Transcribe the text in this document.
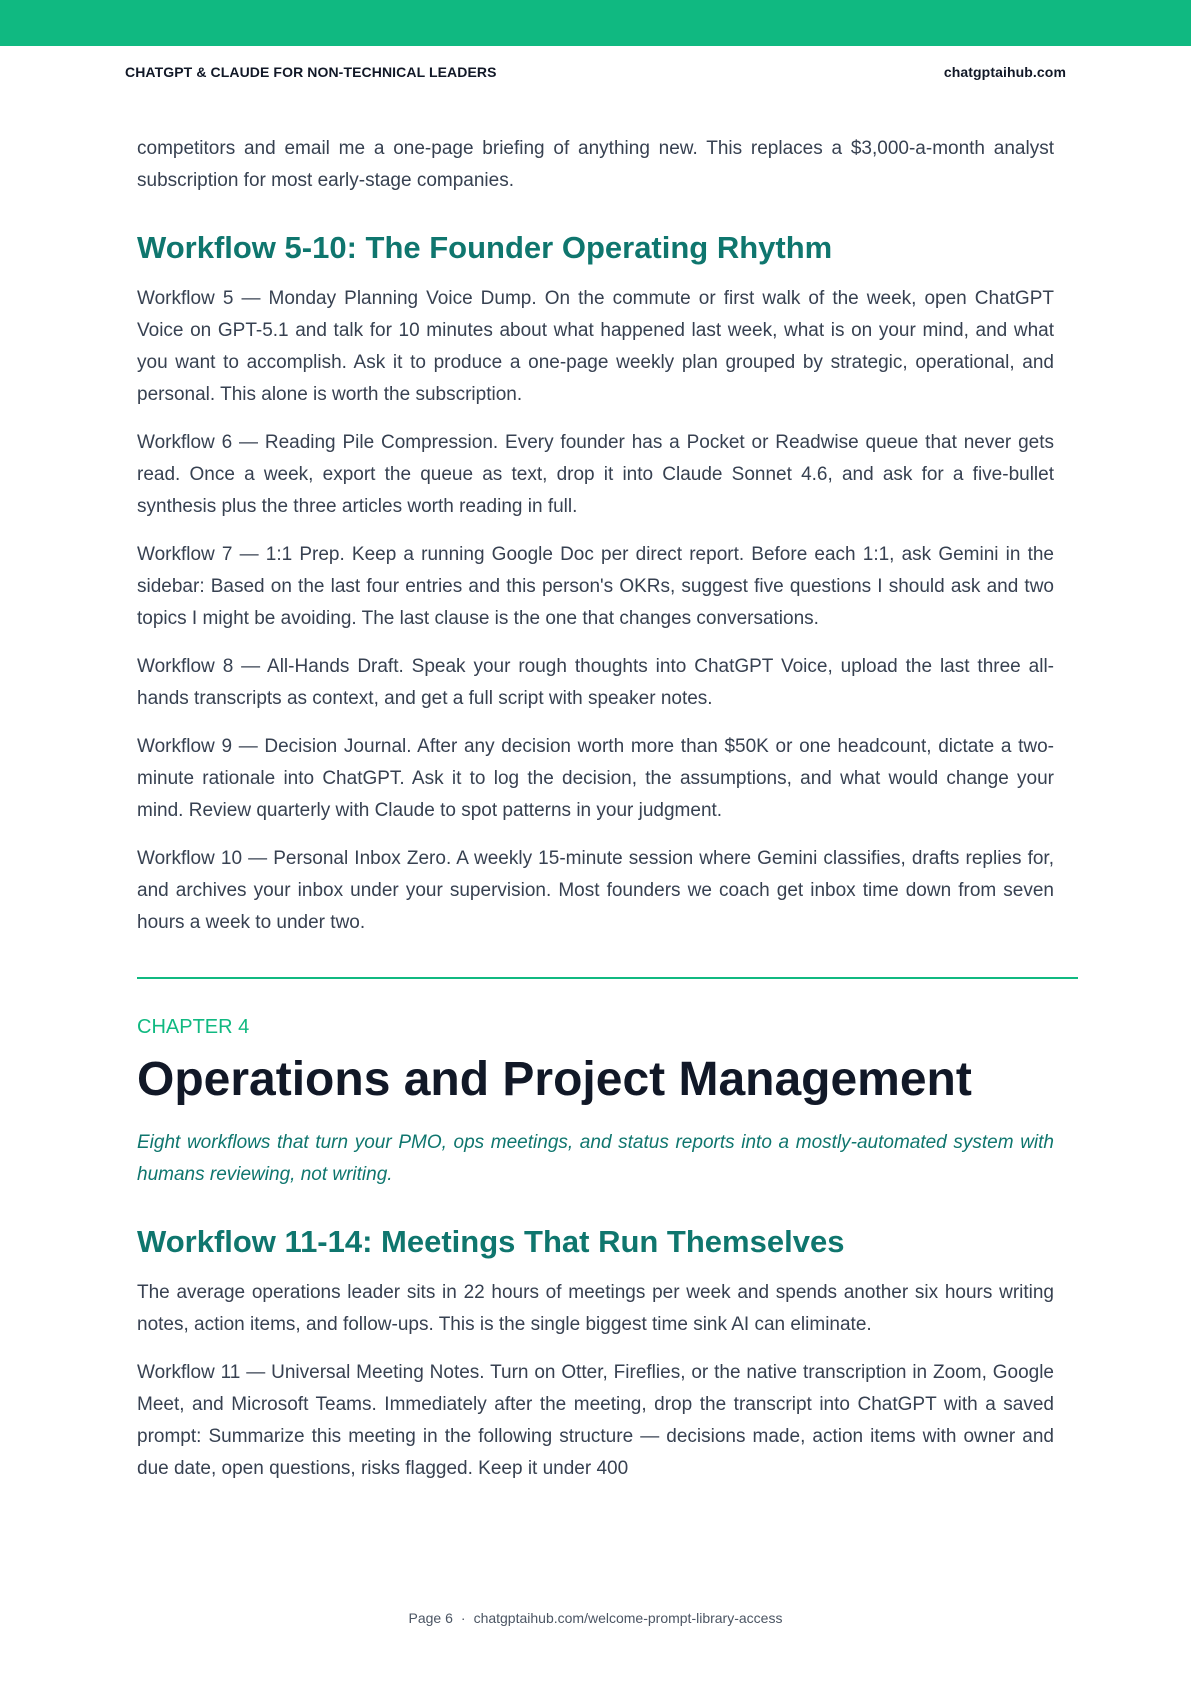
CHATGPT & CLAUDE FOR NON-TECHNICAL LEADERS	chatgptaihub.com

competitors and email me a one-page briefing of anything new. This replaces a $3,000-a-month analyst subscription for most early-stage companies.

Workflow 5-10: The Founder Operating Rhythm

Workflow 5 — Monday Planning Voice Dump. On the commute or first walk of the week, open ChatGPT Voice on GPT-5.1 and talk for 10 minutes about what happened last week, what is on your mind, and what you want to accomplish. Ask it to produce a one-page weekly plan grouped by strategic, operational, and personal. This alone is worth the subscription.

Workflow 6 — Reading Pile Compression. Every founder has a Pocket or Readwise queue that never gets read. Once a week, export the queue as text, drop it into Claude Sonnet 4.6, and ask for a five-bullet synthesis plus the three articles worth reading in full.

Workflow 7 — 1:1 Prep. Keep a running Google Doc per direct report. Before each 1:1, ask Gemini in the sidebar: Based on the last four entries and this person's OKRs, suggest five questions I should ask and two topics I might be avoiding. The last clause is the one that changes conversations.

Workflow 8 — All-Hands Draft. Speak your rough thoughts into ChatGPT Voice, upload the last three all-hands transcripts as context, and get a full script with speaker notes.

Workflow 9 — Decision Journal. After any decision worth more than $50K or one headcount, dictate a two-minute rationale into ChatGPT. Ask it to log the decision, the assumptions, and what would change your mind. Review quarterly with Claude to spot patterns in your judgment.

Workflow 10 — Personal Inbox Zero. A weekly 15-minute session where Gemini classifies, drafts replies for, and archives your inbox under your supervision. Most founders we coach get inbox time down from seven hours a week to under two.

CHAPTER 4
Operations and Project Management

Eight workflows that turn your PMO, ops meetings, and status reports into a mostly-automated system with humans reviewing, not writing.

Workflow 11-14: Meetings That Run Themselves

The average operations leader sits in 22 hours of meetings per week and spends another six hours writing notes, action items, and follow-ups. This is the single biggest time sink AI can eliminate.

Workflow 11 — Universal Meeting Notes. Turn on Otter, Fireflies, or the native transcription in Zoom, Google Meet, and Microsoft Teams. Immediately after the meeting, drop the transcript into ChatGPT with a saved prompt: Summarize this meeting in the following structure — decisions made, action items with owner and due date, open questions, risks flagged. Keep it under 400

Page 6 · chatgptaihub.com/welcome-prompt-library-access
